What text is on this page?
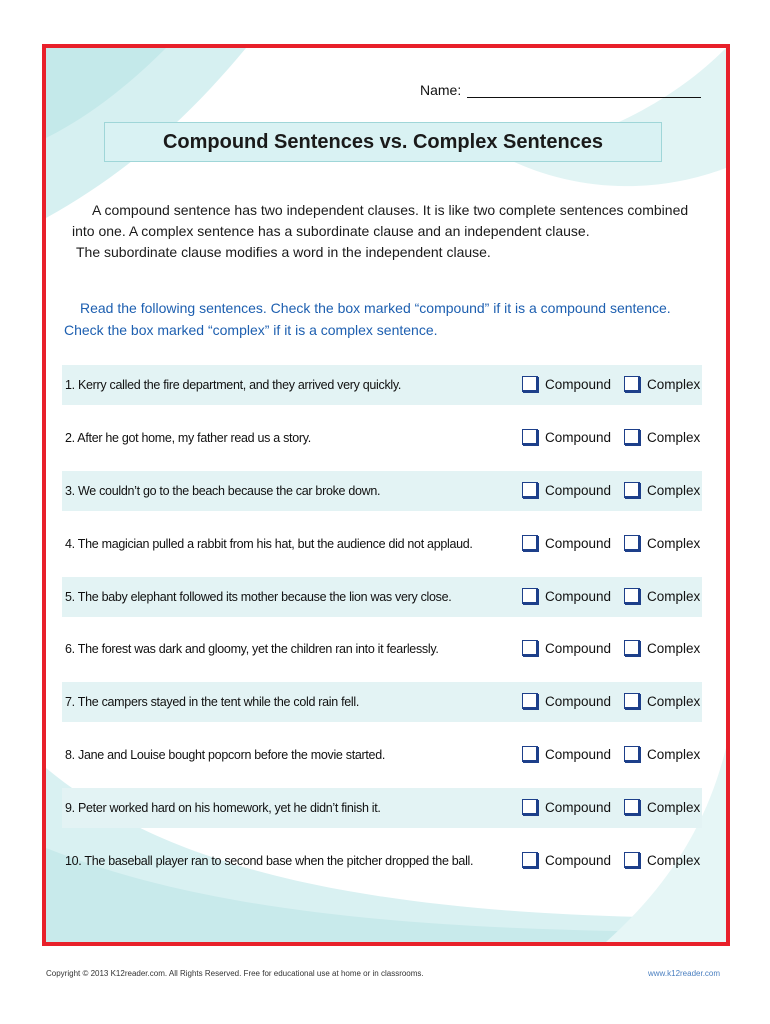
Name:
Compound Sentences vs. Complex Sentences
A compound sentence has two independent clauses. It is like two complete sentences combined
into one. A complex sentence has a subordinate clause and an independent clause.
The subordinate clause modifies a word in the independent clause.
Read the following sentences. Check the box marked “compound” if it is a compound sentence.
Check the box marked “complex” if it is a complex sentence.
1. Kerry called the fire department, and they arrived very quickly.	Compound	Complex
2. After he got home, my father read us a story.	Compound	Complex
3. We couldn’t go to the beach because the car broke down.	Compound	Complex
4. The magician pulled a rabbit from his hat, but the audience did not applaud.	Compound	Complex
5. The baby elephant followed its mother because the lion was very close.	Compound	Complex
6. The forest was dark and gloomy, yet the children ran into it fearlessly.	Compound	Complex
7. The campers stayed in the tent while the cold rain fell.	Compound	Complex
8. Jane and Louise bought popcorn before the movie started.	Compound	Complex
9. Peter worked hard on his homework, yet he didn’t finish it.	Compound	Complex
10. The baseball player ran to second base when the pitcher dropped the ball.	Compound	Complex
Copyright © 2013 K12reader.com. All Rights Reserved. Free for educational use at home or in classrooms.	www.k12reader.com
